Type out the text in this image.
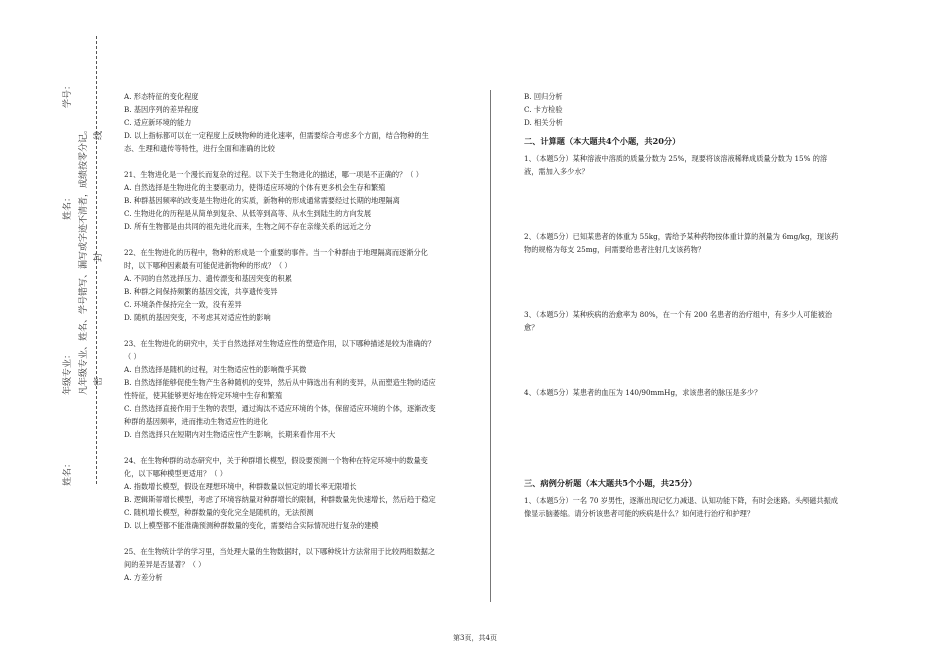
学号：
姓名：
年级专业：
姓名：
凡年级专业、姓名、学号错写、漏写或字迹不清者，成绩按零分记。 线
封
密

A. 形态特征的变化程度

B. 基因序列的差异程度

C. 适应新环境的能力

D. 以上指标都可以在一定程度上反映物种的进化速率，但需要综合考虑多个方面，结合物种的生态、生理和遗传等特性，进行全面和准确的比较

21、生物进化是一个漫长而复杂的过程。以下关于生物进化的描述，哪一项是不正确的？（ ）

A. 自然选择是生物进化的主要驱动力，使得适应环境的个体有更多机会生存和繁殖

B. 种群基因频率的改变是生物进化的实质，新物种的形成通常需要经过长期的地理隔离

C. 生物进化的历程是从简单到复杂、从低等到高等、从水生到陆生的方向发展

D. 所有生物都是由共同的祖先进化而来，生物之间不存在亲缘关系的远近之分

22、在生物进化的历程中，物种的形成是一个重要的事件。当一个种群由于地理隔离而逐渐分化时，以下哪种因素最有可能促进新物种的形成？（ ）

A. 不同的自然选择压力、遗传漂变和基因突变的积累

B. 种群之间保持频繁的基因交流，共享遗传变异

C. 环境条件保持完全一致，没有差异

D. 随机的基因突变，不考虑其对适应性的影响

23、在生物进化的研究中，关于自然选择对生物适应性的塑造作用，以下哪种描述是较为准确的？（ ）

A. 自然选择是随机的过程，对生物适应性的影响微乎其微

B. 自然选择能够促使生物产生各种随机的变异，然后从中筛选出有利的变异，从而塑造生物的适应性特征，使其能够更好地在特定环境中生存和繁殖

C. 自然选择直接作用于生物的表型，通过淘汰不适应环境的个体，保留适应环境的个体，逐渐改变种群的基因频率，进而推动生物适应性的进化

D. 自然选择只在短期内对生物适应性产生影响，长期来看作用不大

24、在生物种群的动态研究中，关于种群增长模型，假设要预测一个物种在特定环境中的数量变化，以下哪种模型更适用？（ ）

A. 指数增长模型，假设在理想环境中，种群数量以恒定的增长率无限增长

B. 逻辑斯蒂增长模型，考虑了环境容纳量对种群增长的限制，种群数量先快速增长，然后趋于稳定

C. 随机增长模型，种群数量的变化完全是随机的，无法预测

D. 以上模型都不能准确预测种群数量的变化，需要结合实际情况进行复杂的建模

25、在生物统计学的学习里，当处理大量的生物数据时，以下哪种统计方法常用于比较两组数据之间的差异是否显著？（ ）

A. 方差分析

B. 回归分析

C. 卡方检验

D. 相关分析

二、计算题（本大题共4个小题，共20分）

1、（本题5分）某种溶液中溶质的质量分数为 25%，现要将该溶液稀释成质量分数为 15% 的溶液，需加入多少水？

2、（本题5分）已知某患者的体重为 55kg，需给予某种药物按体重计算的剂量为 6mg/kg，现该药物的规格为每支 25mg，问需要给患者注射几支该药物？

3、（本题5分）某种疾病的治愈率为 80%，在一个有 200 名患者的治疗组中，有多少人可能被治愈？

4、（本题5分）某患者的血压为 140/90mmHg，求该患者的脉压是多少？

三、病例分析题（本大题共5个小题，共25分）

1、（本题5分）一名 70 岁男性，逐渐出现记忆力减退、认知功能下降，有时会迷路。头颅磁共振成像显示脑萎缩。请分析该患者可能的疾病是什么？如何进行治疗和护理？

第3页，共4页
